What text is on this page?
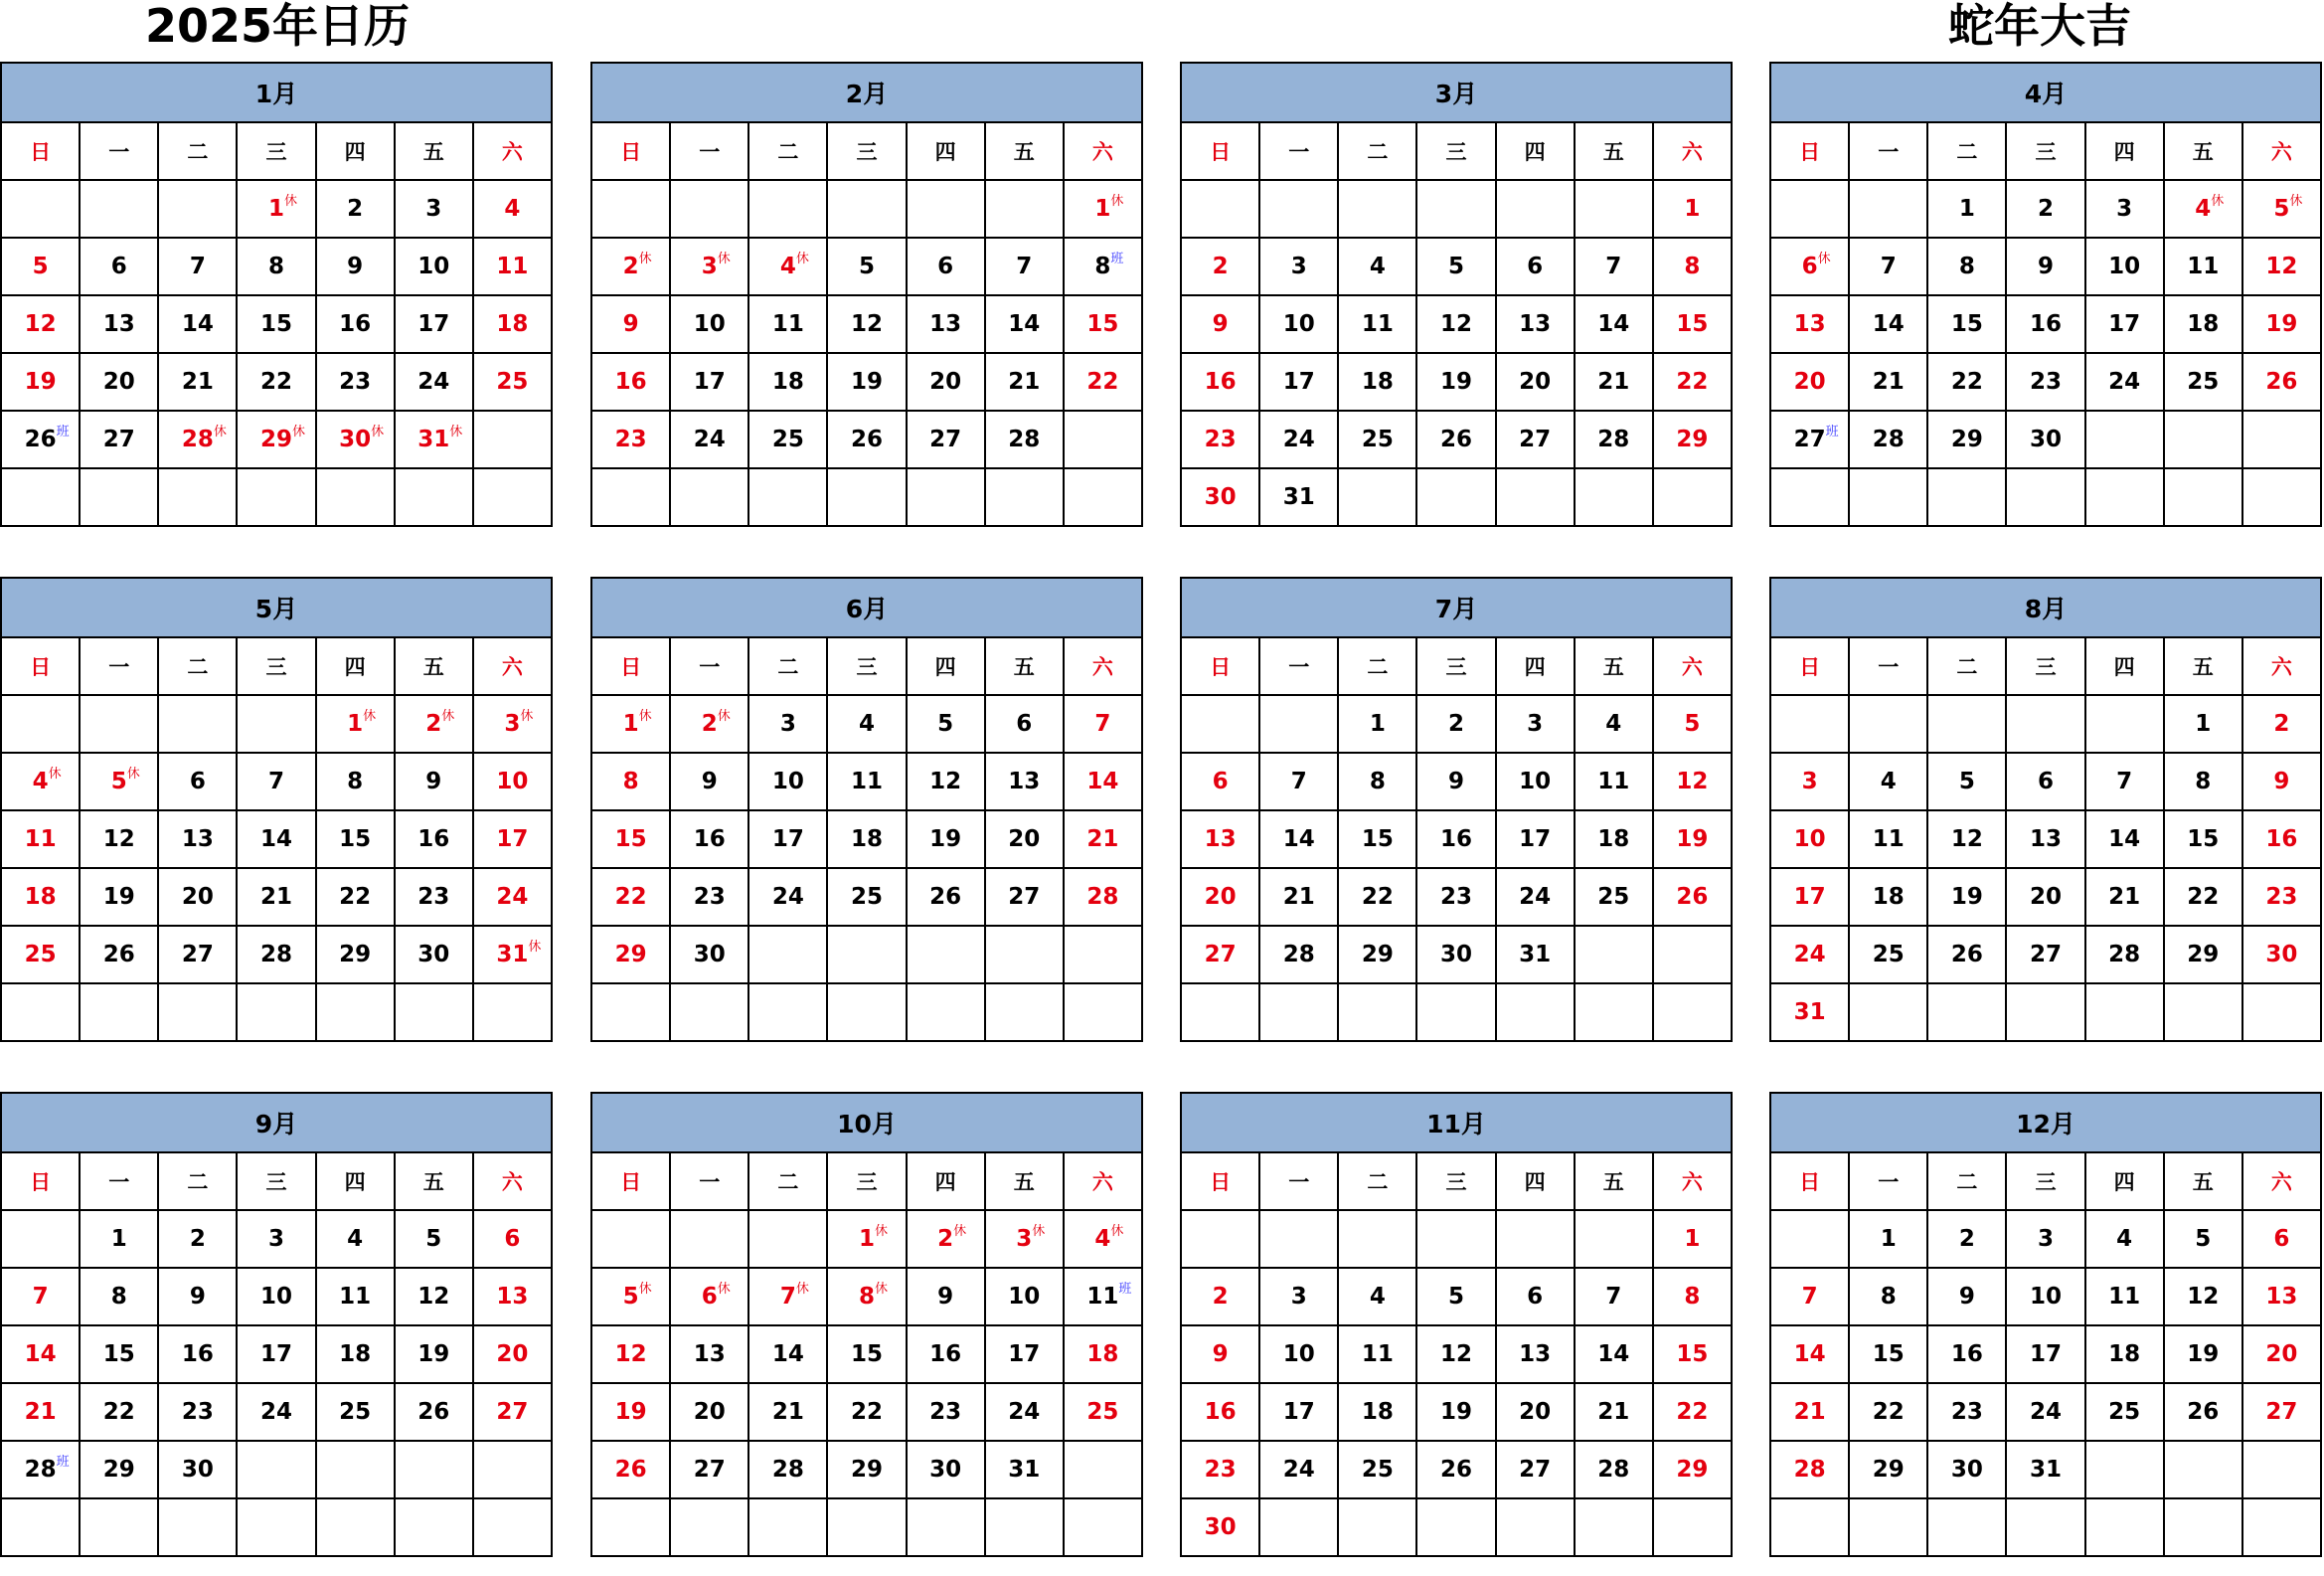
2025年日历	蛇年大吉
1月						
日	一	二	三	四	五	六
			1 休	2	3	4
5	6	7	8	9	10	11
12	13	14	15	16	17	18
19	20	21	22	23	24	25
26 班	27	28 休	29 休	30 休	31 休	

2月						
日	一	二	三	四	五	六
						1 休

2 休	3 休	4 休	5	6	7	8 班

9	10	11	12	13	14	15
16	17	18	19	20	21	22
23	24	25	26	27	28	

3月						
日	一	二	三	四	五	六
						1
2	3	4	5	6	7	8
9	10	11	12	13	14	15
16	17	18	19	20	21	22
23	24	25	26	27	28	29
30	31					
4月						
日	一	二	三	四	五	六
		1	2	3	4 休	5 休

6 休	7	8	9	10	11	12
13	14	15	16	17	18	19
20	21	22	23	24	25	26
27 班	28	29	30			

5月						
日	一	二	三	四	五	六
				1 休	2 休	3 休

4 休	5 休	6	7	8	9	10
11	12	13	14	15	16	17
18	19	20	21	22	23	24
25	26	27	28	29	30	31 休

6月						
日	一	二	三	四	五	六
1 休	2 休	3	4	5	6	7
8	9	10	11	12	13	14
15	16	17	18	19	20	21
22	23	24	25	26	27	28
29	30					

7月						
日	一	二	三	四	五	六
		1	2	3	4	5
6	7	8	9	10	11	12
13	14	15	16	17	18	19
20	21	22	23	24	25	26
27	28	29	30	31		

8月						
日	一	二	三	四	五	六
					1	2
3	4	5	6	7	8	9
10	11	12	13	14	15	16
17	18	19	20	21	22	23
24	25	26	27	28	29	30
31						
9月						
日	一	二	三	四	五	六
	1	2	3	4	5	6
7	8	9	10	11	12	13
14	15	16	17	18	19	20
21	22	23	24	25	26	27
28 班	29	30				

10月						
日	一	二	三	四	五	六
			1 休	2 休	3 休	4 休

5 休	6 休	7 休	8 休	9	10	11 班

12	13	14	15	16	17	18
19	20	21	22	23	24	25
26	27	28	29	30	31	

11月						
日	一	二	三	四	五	六
						1
2	3	4	5	6	7	8
9	10	11	12	13	14	15
16	17	18	19	20	21	22
23	24	25	26	27	28	29
30						
12月						
日	一	二	三	四	五	六
	1	2	3	4	5	6
7	8	9	10	11	12	13
14	15	16	17	18	19	20
21	22	23	24	25	26	27
28	29	30	31			
